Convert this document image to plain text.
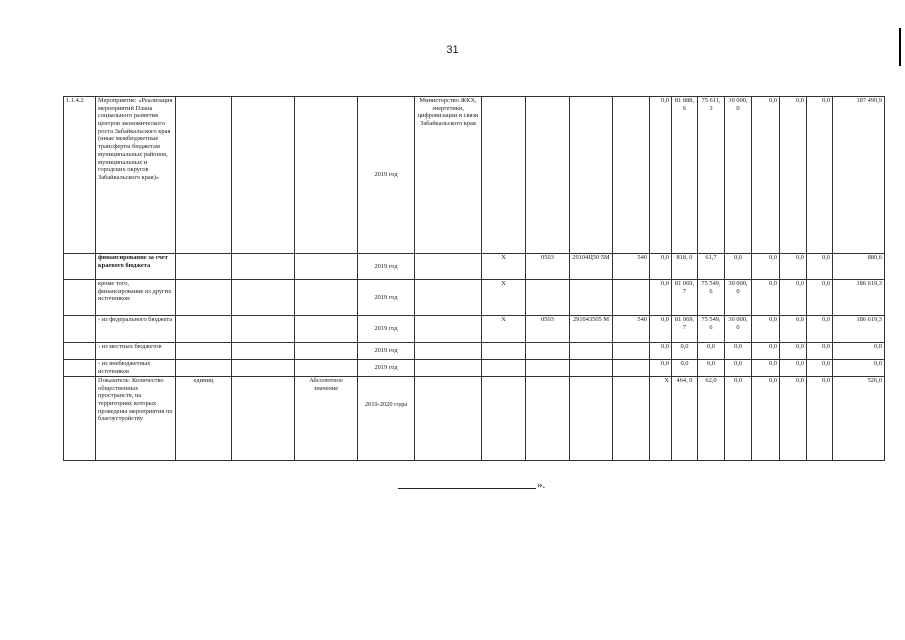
31
1.1.4.2	Мероприятие: «Реализация мероприятий Плана социального развития центров экономического роста Забайкальского края (иные межбюджетные трансферты бюджетам муниципальных районов, муниципальных и городских округов Забайкальского края)»				2019 год	Министерство ЖКХ, энергетики, цифровизации и связи Забайкальского края					0,0	81 888, 6	75 611, 3	30 000, 0	0,0	0,0	0,0	187 499,9
	финансирование за счет краевого бюджета				2019 год		Х	0503	29104Ц50 5М	540	0,0	818, 0	61,7	0,0	0,0	0,0	0,0	880,6
	кроме того, финансирование из других источников:				2019 год		Х				0,0	81 069, 7	75 549, 6	30 000, 0	0,0	0,0	0,0	186 619,3
	- из федерального бюджета				2019 год		Х	0503	291043505 М	540	0,0	81 069, 7	75 549, 6	30 000, 0	0,0	0,0	0,0	186 619,3
	- из местных бюджетов				2019 год						0,0	0,0	0,0	0,0	0,0	0,0	0,0	0,0
	- из внебюджетных источников				2019 год						0,0	0,0	0,0	0,0	0,0	0,0	0,0	0,0
	Показатель: Количество общественных пространств, на территориях которых проведены мероприятия по благоустройству	единиц		Абсолютное значение	2019-2020 годы						Х	464, 0	62,0	0,0	0,0	0,0	0,0	526,0
».
